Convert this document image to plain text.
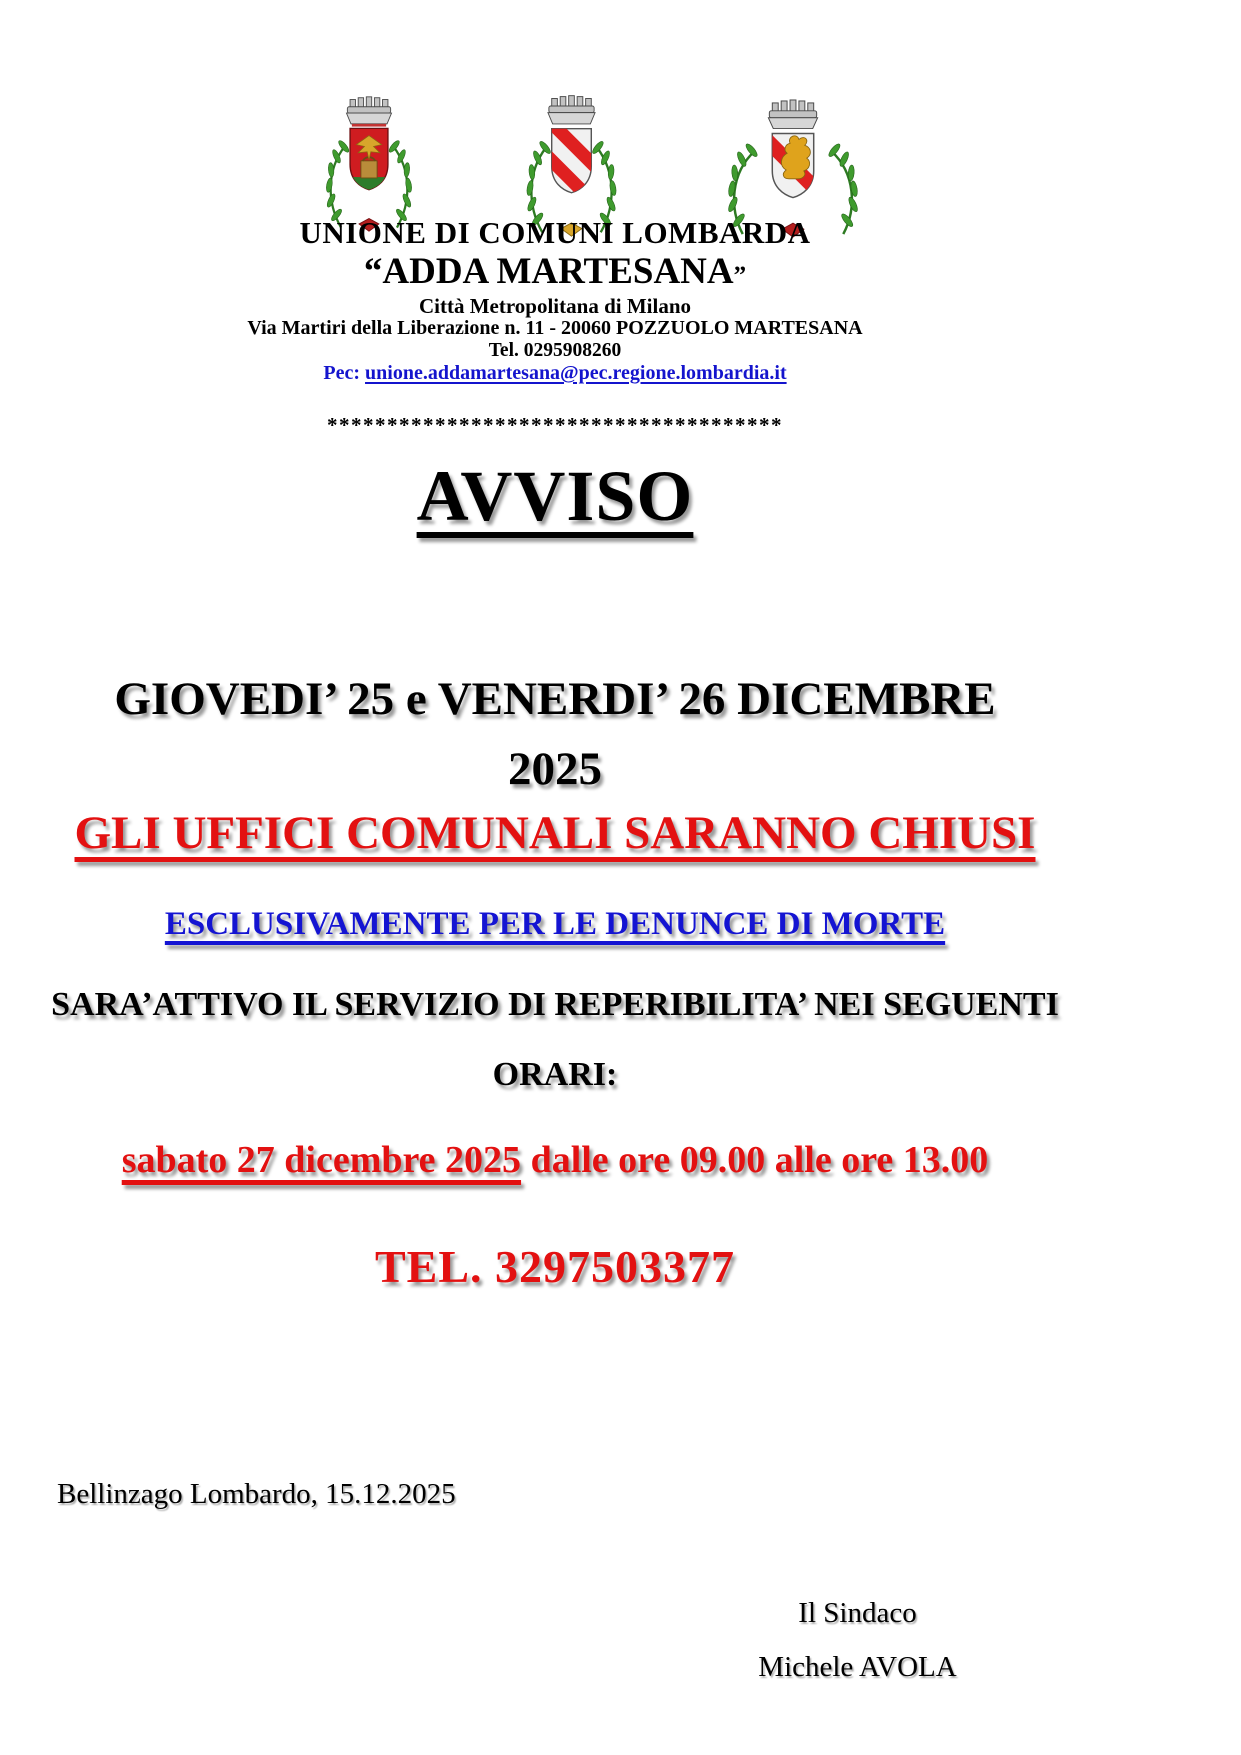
UNIONE DI COMUNI LOMBARDA
“ADDA MARTESANA”
Città Metropolitana di Milano
Via Martiri della Liberazione n. 11 - 20060 POZZUOLO MARTESANA
Tel. 0295908260
Pec: unione.addamartesana@pec.regione.lombardia.it
**************************************
AVVISO
GIOVEDI’ 25 e VENERDI’ 26 DICEMBRE
2025
GLI UFFICI COMUNALI SARANNO CHIUSI
ESCLUSIVAMENTE PER LE DENUNCE DI MORTE
SARA’ATTIVO IL SERVIZIO DI REPERIBILITA’ NEI SEGUENTI
ORARI:
sabato 27 dicembre 2025 dalle ore 09.00 alle ore 13.00
TEL. 3297503377
Bellinzago Lombardo, 15.12.2025
Il Sindaco
Michele AVOLA
